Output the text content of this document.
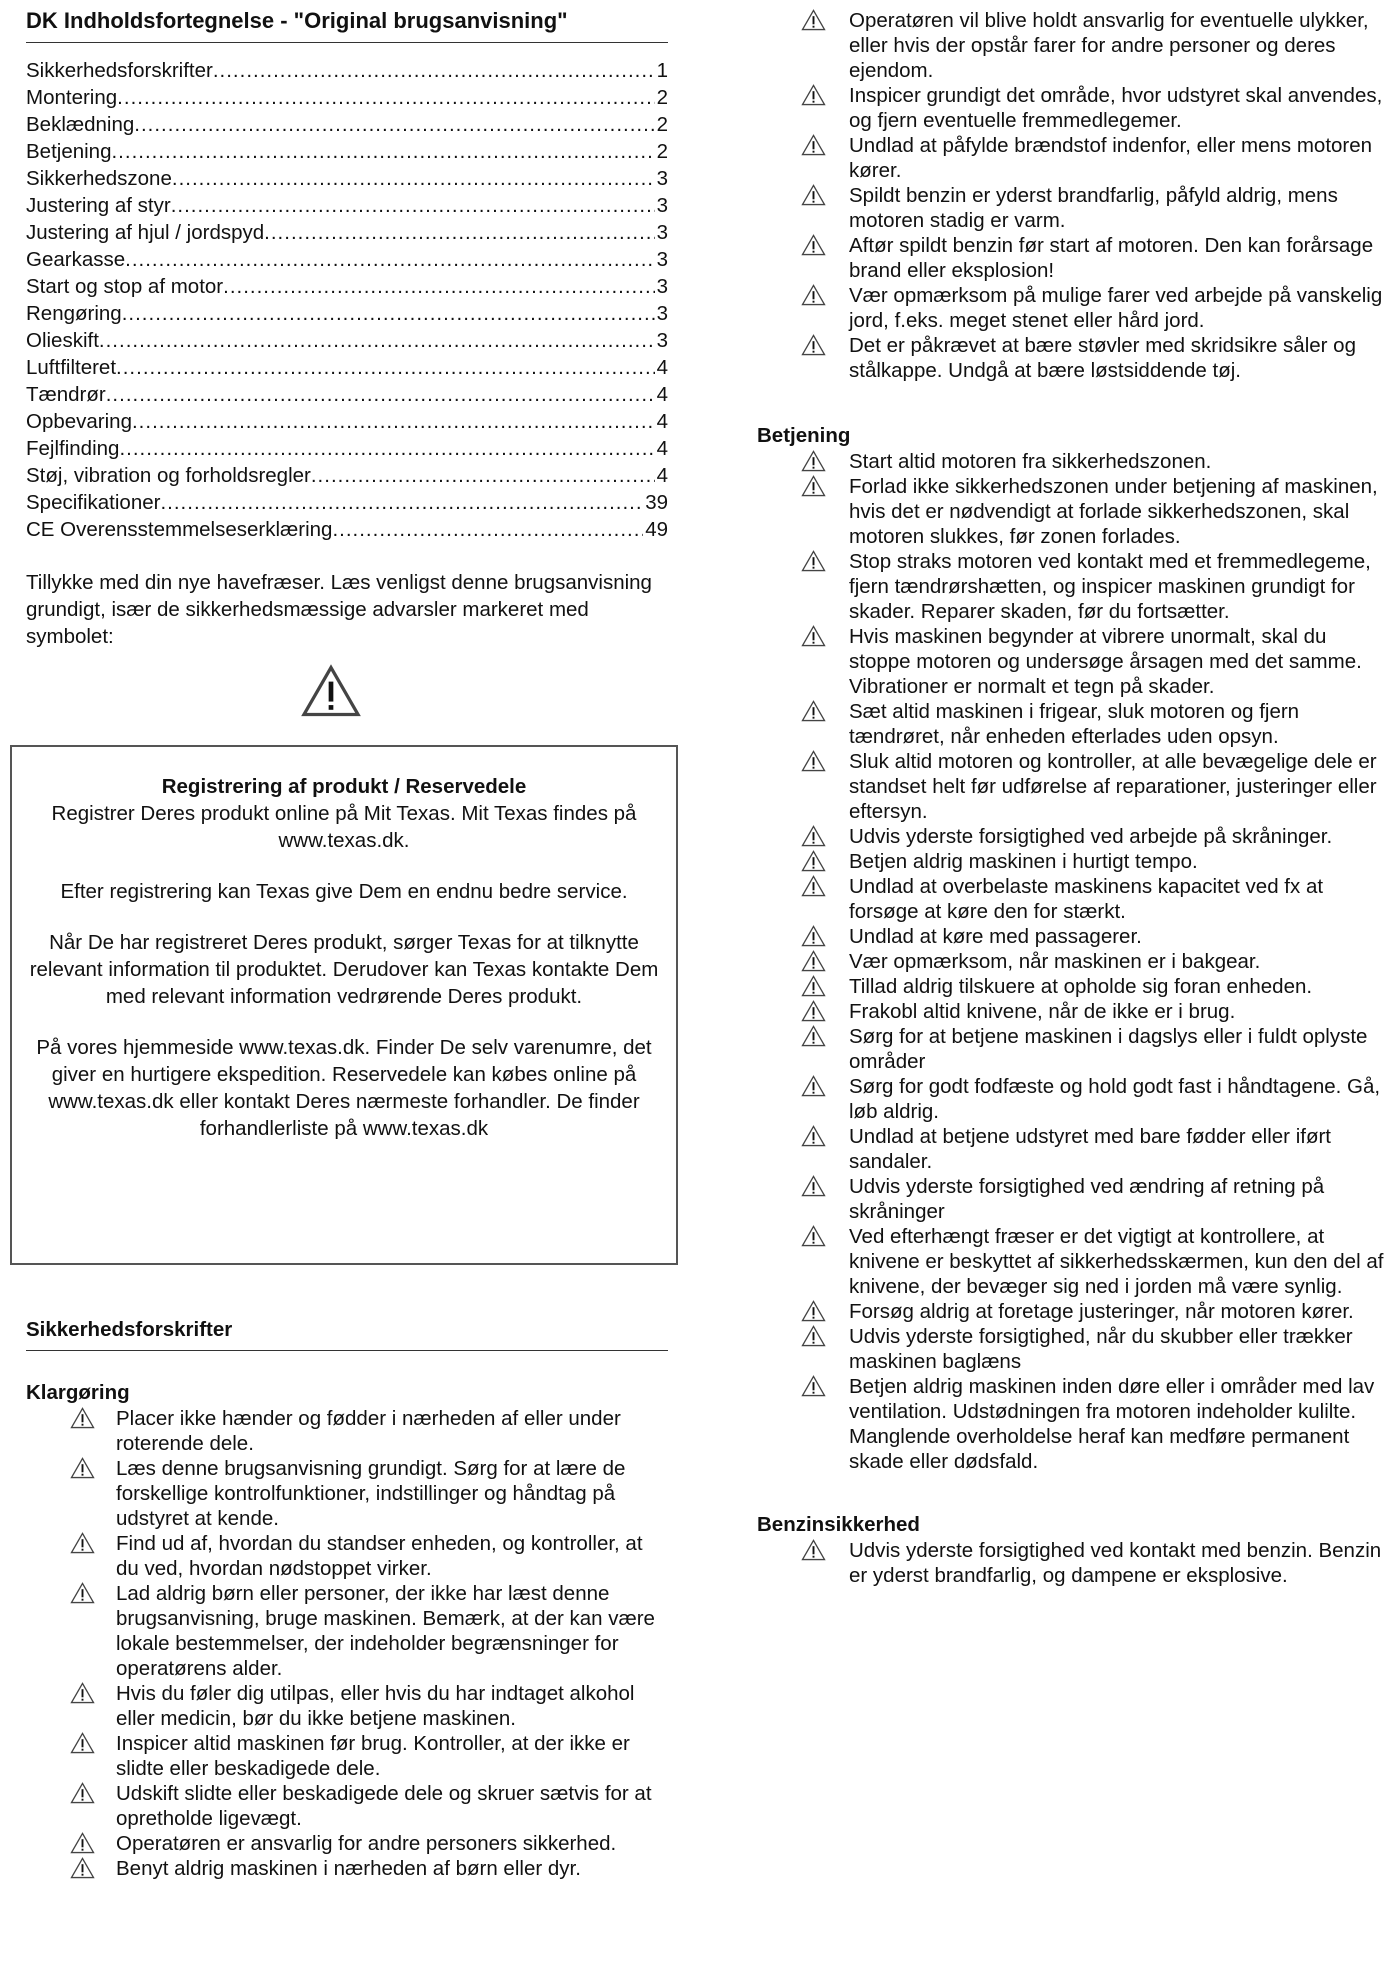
DK Indholdsfortegnelse - "Original brugsanvisning"
Sikkerhedsforskrifter .....	1
Montering .....	2
Beklædning .....	2
Betjening .....	2
Sikkerhedszone .....	3
Justering af styr .....	3
Justering af hjul / jordspyd .....	3
Gearkasse .....	3
Start og stop af motor .....	3
Rengøring .....	3
Olieskift .....	3
Luftfilteret .....	4
Tændrør .....	4
Opbevaring .....	4
Fejlfinding .....	4
Støj, vibration og forholdsregler .....	4
Specifikationer .....	39
CE Overensstemmelseserklæring .....	49
Tillykke med din nye havefræser. Læs venligst denne brugsanvisning grundigt, især de sikkerhedsmæssige advarsler markeret med symbolet:
Registrering af produkt / Reservedele

Registrer Deres produkt online på Mit Texas. Mit Texas findes på www.texas.dk.

Efter registrering kan Texas give Dem en endnu bedre service.

Når De har registreret Deres produkt, sørger Texas for at tilknytte relevant information til produktet. Derudover kan Texas kontakte Dem med relevant information vedrørende Deres produkt.

På vores hjemmeside www.texas.dk. Finder De selv varenumre, det giver en hurtigere ekspedition. Reservedele kan købes online på www.texas.dk eller kontakt Deres nærmeste forhandler. De finder forhandlerliste på www.texas.dk

Sikkerhedsforskrifter

Klargøring

Placer ikke hænder og fødder i nærheden af eller under roterende dele.
Læs denne brugsanvisning grundigt. Sørg for at lære de forskellige kontrolfunktioner, indstillinger og håndtag på udstyret at kende.
Find ud af, hvordan du standser enheden, og kontroller, at du ved, hvordan nødstoppet virker.
Lad aldrig børn eller personer, der ikke har læst denne brugsanvisning, bruge maskinen. Bemærk, at der kan være lokale bestemmelser, der indeholder begrænsninger for operatørens alder.
Hvis du føler dig utilpas, eller hvis du har indtaget alkohol eller medicin, bør du ikke betjene maskinen.
Inspicer altid maskinen før brug. Kontroller, at der ikke er slidte eller beskadigede dele.
Udskift slidte eller beskadigede dele og skruer sætvis for at opretholde ligevægt.
Operatøren er ansvarlig for andre personers sikkerhed.
Benyt aldrig maskinen i nærheden af børn eller dyr.
Operatøren vil blive holdt ansvarlig for eventuelle ulykker, eller hvis der opstår farer for andre personer og deres ejendom.
Inspicer grundigt det område, hvor udstyret skal anvendes, og fjern eventuelle fremmedlegemer.
Undlad at påfylde brændstof indenfor, eller mens motoren kører.
Spildt benzin er yderst brandfarlig, påfyld aldrig, mens motoren stadig er varm.
Aftør spildt benzin før start af motoren. Den kan forårsage brand eller eksplosion!
Vær opmærksom på mulige farer ved arbejde på vanskelig jord, f.eks. meget stenet eller hård jord.
Det er påkrævet at bære støvler med skridsikre såler og stålkappe. Undgå at bære løstsiddende tøj.

Betjening

Start altid motoren fra sikkerhedszonen.
Forlad ikke sikkerhedszonen under betjening af maskinen, hvis det er nødvendigt at forlade sikkerhedszonen, skal motoren slukkes, før zonen forlades.
Stop straks motoren ved kontakt med et fremmedlegeme, fjern tændrørshætten, og inspicer maskinen grundigt for skader. Reparer skaden, før du fortsætter.
Hvis maskinen begynder at vibrere unormalt, skal du stoppe motoren og undersøge årsagen med det samme. Vibrationer er normalt et tegn på skader.
Sæt altid maskinen i frigear, sluk motoren og fjern tændrøret, når enheden efterlades uden opsyn.
Sluk altid motoren og kontroller, at alle bevægelige dele er standset helt før udførelse af reparationer, justeringer eller eftersyn.
Udvis yderste forsigtighed ved arbejde på skråninger.
Betjen aldrig maskinen i hurtigt tempo.
Undlad at overbelaste maskinens kapacitet ved fx at forsøge at køre den for stærkt.
Undlad at køre med passagerer.
Vær opmærksom, når maskinen er i bakgear.
Tillad aldrig tilskuere at opholde sig foran enheden.
Frakobl altid knivene, når de ikke er i brug.
Sørg for at betjene maskinen i dagslys eller i fuldt oplyste områder
Sørg for godt fodfæste og hold godt fast i håndtagene. Gå, løb aldrig.
Undlad at betjene udstyret med bare fødder eller iført sandaler.
Udvis yderste forsigtighed ved ændring af retning på skråninger
Ved efterhængt fræser er det vigtigt at kontrollere, at knivene er beskyttet af sikkerhedsskærmen, kun den del af knivene, der bevæger sig ned i jorden må være synlig.
Forsøg aldrig at foretage justeringer, når motoren kører.
Udvis yderste forsigtighed, når du skubber eller trækker maskinen baglæns
Betjen aldrig maskinen inden døre eller i områder med lav ventilation. Udstødningen fra motoren indeholder kulilte. Manglende overholdelse heraf kan medføre permanent skade eller dødsfald.

Benzinsikkerhed

Udvis yderste forsigtighed ved kontakt med benzin. Benzin er yderst brandfarlig, og dampene er eksplosive.
